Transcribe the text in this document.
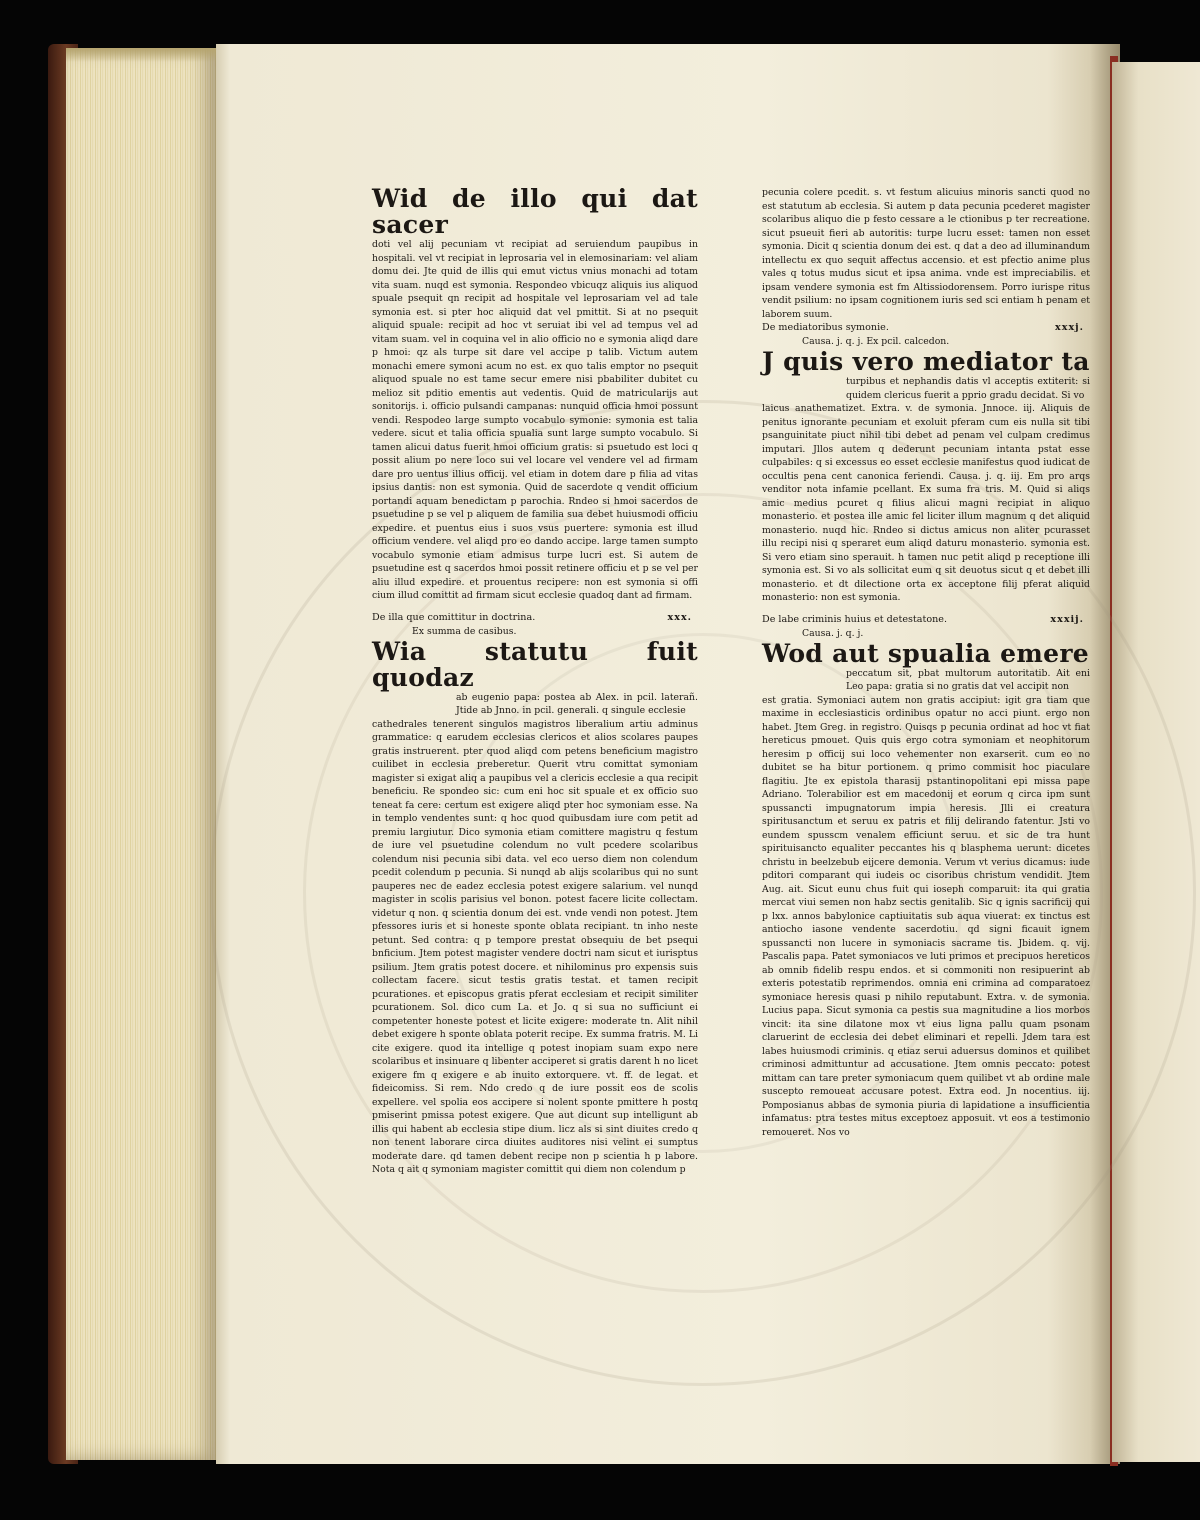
Wid de illo qui dat sacer

doti vel alij pecuniam vt recipiat ad seruiendum paupibus in hospitali. vel vt recipiat in leprosaria vel in elemosinariam: vel aliam domu dei. Jte quid de illis qui emut victus vnius monachi ad totam vita suam. nuqd est symonia. Respondeo vbicuqz aliquis ius aliquod spuale psequit qn recipit ad hospitale vel leprosariam vel ad tale symonia est. si pter hoc aliquid dat vel pmittit. Si at no psequit aliquid spuale: recipit ad hoc vt seruiat ibi vel ad tempus vel ad vitam suam. vel in coquina vel in alio officio no e symonia aliqd dare p hmoi: qz als turpe sit dare vel accipe p talib. Victum autem monachi emere symoni acum no est. ex quo talis emptor no psequit aliquod spuale no est tame secur emere nisi pbabiliter dubitet cu melioz sit pditio ementis aut vedentis. Quid de matricularijs aut sonitorijs. i. officio pulsandi campanas: nunquid officia hmoi possunt vendi. Respodeo large sumpto vocabulo symonie: symonia est talia vedere. sicut et talia officia spualia sunt large sumpto vocabulo. Si tamen alicui datus fuerit hmoi officium gratis: si psuetudo est loci q possit alium po nere loco sui vel locare vel vendere vel ad firmam dare pro uentus illius officij. vel etiam in dotem dare p filia ad vitas ipsius dantis: non est symonia. Quid de sacerdote q vendit officium portandi aquam benedictam p parochia. Rndeo si hmoi sacerdos de psuetudine p se vel p aliquem de familia sua debet huiusmodi officiu expedire. et puentus eius i suos vsus puertere: symonia est illud officium vendere. vel aliqd pro eo dando accipe. large tamen sumpto vocabulo symonie etiam admisus turpe lucri est. Si autem de psuetudine est q sacerdos hmoi possit retinere officiu et p se vel per aliu illud expedire. et prouentus recipere: non est symonia si offi cium illud comittit ad firmam sicut ecclesie quadoq dant ad firmam.

De illa que comittitur in doctrina.	xxx.

Ex summa de casibus.

Wia statutu fuit quodaz

ab eugenio papa: postea ab Alex. in pcil. laterañ. Jtide ab Jnno. in pcil. generali. q singule ecclesie

cathedrales tenerent singulos magistros liberalium artiu adminus grammatice: q earudem ecclesias clericos et alios scolares paupes gratis instruerent. pter quod aliqd com petens beneficium magistro cuilibet in ecclesia preberetur. Querit vtru comittat symoniam magister si exigat aliq a paupibus vel a clericis ecclesie a qua recipit beneficiu. Re spondeo sic: cum eni hoc sit spuale et ex officio suo teneat fa cere: certum est exigere aliqd pter hoc symoniam esse. Na in templo vendentes sunt: q hoc quod quibusdam iure com petit ad premiu largiutur. Dico symonia etiam comittere magistru q festum de iure vel psuetudine colendum no vult pcedere scolaribus colendum nisi pecunia sibi data. vel eco uerso diem non colendum pcedit colendum p pecunia. Si nunqd ab alijs scolaribus qui no sunt pauperes nec de eadez ecclesia potest exigere salarium. vel nunqd magister in scolis parisius vel bonon. potest facere licite collectam. videtur q non. q scientia donum dei est. vnde vendi non potest. Jtem pfessores iuris et si honeste sponte oblata recipiant. tn inho neste petunt. Sed contra: q p tempore prestat obsequiu de bet psequi bnficium. Jtem potest magister vendere doctri nam sicut et iurisptus psilium. Jtem gratis potest docere. et nihilominus pro expensis suis collectam facere. sicut testis gratis testat. et tamen recipit pcurationes. et episcopus gratis pferat ecclesiam et recipit similiter pcurationem. Sol. dico cum La. et Jo. q si sua no sufficiunt ei competenter honeste potest et licite exigere: moderate tn. Alit nihil debet exigere h sponte oblata poterit recipe. Ex summa fratris. M. Li cite exigere. quod ita intellige q potest inopiam suam expo nere scolaribus et insinuare q libenter acciperet si gratis darent h no licet exigere fm q exigere e ab inuito extorquere. vt. ff. de legat. et fideicomiss. Si rem. Ndo credo q de iure possit eos de scolis expellere. vel spolia eos accipere si nolent sponte pmittere h postq pmiserint pmissa potest exigere. Que aut dicunt sup intelligunt ab illis qui habent ab ecclesia stipe dium. licz als si sint diuites credo q non tenent laborare circa diuites auditores nisi velint ei sumptus moderate dare. qd tamen debent recipe non p scientia h p labore. Nota q ait q symoniam magister comittit qui diem non colendum p

pecunia colere pcedit. s. vt festum alicuius minoris sancti quod no est statutum ab ecclesia. Si autem p data pecunia pcederet magister scolaribus aliquo die p festo cessare a le ctionibus p ter recreatione. sicut psueuit fieri ab autoritis: turpe lucru esset: tamen non esset symonia. Dicit q scientia donum dei est. q dat a deo ad illuminandum intellectu ex quo sequit affectus accensio. et est pfectio anime plus vales q totus mudus sicut et ipsa anima. vnde est impreciabilis. et ipsam vendere symonia est fm Altissiodorensem. Porro iurispe ritus vendit psilium: no ipsam cognitionem iuris sed sci entiam h penam et laborem suum.

De mediatoribus symonie.	xxxj.

Causa. j. q. j. Ex pcil. calcedon.

J quis vero mediator ta

turpibus et nephandis datis vl acceptis extiterit: si quidem clericus fuerit a pprio gradu decidat. Si vo

laicus anathematizet. Extra. v. de symonia. Jnnoce. iij. Aliquis de penitus ignorante pecuniam et exoluit pferam cum eis nulla sit tibi psanguinitate piuct nihil tibi debet ad penam vel culpam credimus imputari. Jllos autem q dederunt pecuniam intanta pstat esse culpabiles: q si excessus eo esset ecclesie manifestus quod iudicat de occultis pena cent canonica feriendi. Causa. j. q. iij. Em pro arqs venditor nota infamie pcellant. Ex suma fra tris. M. Quid si aliqs amic medius pcuret q filius alicui magni recipiat in aliquo monasterio. et postea ille amic fel liciter illum magnum q det aliquid monasterio. nuqd hic. Rndeo si dictus amicus non aliter pcurasset illu recipi nisi q speraret eum aliqd daturu monasterio. symonia est. Si vero etiam sino sperauit. h tamen nuc petit aliqd p receptione illi symonia est. Si vo als sollicitat eum q sit deuotus sicut q et debet illi monasterio. et dt dilectione orta ex acceptone filij pferat aliquid monasterio: non est symonia.

De labe criminis huius et detestatone.	xxxij.

Causa. j. q. j.

Wod aut spualia emere

peccatum sit, pbat multorum autoritatib. Ait eni Leo papa: gratia si no gratis dat vel accipit non

est gratia. Symoniaci autem non gratis accipiut: igit gra tiam que maxime in ecclesiasticis ordinibus opatur no acci piunt. ergo non habet. Jtem Greg. in registro. Quisqs p pecunia ordinat ad hoc vt fiat hereticus pmouet. Quis quis ergo cotra symoniam et neophitorum heresim p officij sui loco vehementer non exarserit. cum eo no dubitet se ha bitur portionem. q primo commisit hoc piaculare flagitiu. Jte ex epistola tharasij pstantinopolitani epi missa pape Adriano. Tolerabilior est em macedonij et eorum q circa ipm sunt spussancti impugnatorum impia heresis. Jlli ei creatura spiritusanctum et seruu ex patris et filij delirando fatentur. Jsti vo eundem spusscm venalem efficiunt seruu. et sic de tra hunt spirituisancto equaliter peccantes his q blasphema uerunt: dicetes christu in beelzebub eijcere demonia. Verum vt verius dicamus: iude pditori comparant qui iudeis oc cisoribus christum vendidit. Jtem Aug. ait. Sicut eunu chus fuit qui ioseph comparuit: ita qui gratia mercat viui semen non habz sectis genitalib. Sic q ignis sacrificij qui p lxx. annos babylonice captiuitatis sub aqua viuerat: ex tinctus est antiocho iasone vendente sacerdotiu. qd signi ficauit ignem spussancti non lucere in symoniacis sacrame tis. Jbidem. q. vij. Pascalis papa. Patet symoniacos ve luti primos et precipuos hereticos ab omnib fidelib respu endos. et si commoniti non resipuerint ab exteris potestatib reprimendos. omnia eni crimina ad comparatoez symoniace heresis quasi p nihilo reputabunt. Extra. v. de symonia. Lucius papa. Sicut symonia ca pestis sua magnitudine a lios morbos vincit: ita sine dilatone mox vt eius ligna pallu quam psonam claruerint de ecclesia dei debet eliminari et repelli. Jdem tara est labes huiusmodi criminis. q etiaz serui aduersus dominos et quilibet criminosi admittuntur ad accusatione. Jtem omnis peccato: potest mittam can tare preter symoniacum quem quilibet vt ab ordine male suscepto remoueat accusare potest. Extra eod. Jn nocentius. iij. Pomposianus abbas de symonia piuria di lapidatione a insufficientia infamatus: ptra testes mitus exceptoez apposuit. vt eos a testimonio remoueret. Nos vo
